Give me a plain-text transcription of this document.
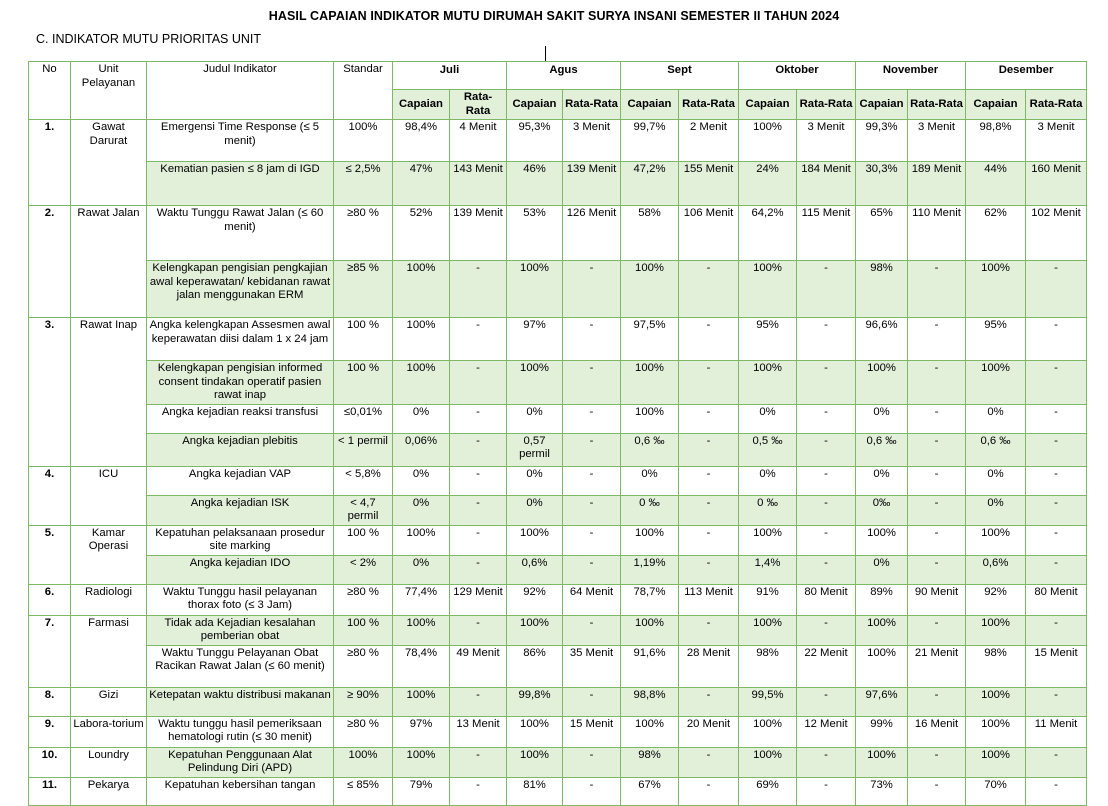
HASIL CAPAIAN INDIKATOR MUTU DIRUMAH SAKIT SURYA INSANI SEMESTER II TAHUN 2024
C. INDIKATOR MUTU PRIORITAS UNIT
No	Unit Pelayanan	Judul Indikator	Standar	Juli		Agus		Sept		Oktober		November		Desember	
				Capaian	Rata-Rata	Capaian	Rata-Rata	Capaian	Rata-Rata	Capaian	Rata-Rata	Capaian	Rata-Rata	Capaian	Rata-Rata
1.	Gawat Darurat	Emergensi Time Response (≤ 5 menit)	100%	98,4%	4 Menit	95,3%	3 Menit	99,7%	2 Menit	100%	3 Menit	99,3%	3 Menit	98,8%	3 Menit
		Kematian pasien ≤ 8 jam di IGD	≤ 2,5%	47%	143 Menit	46%	139 Menit	47,2%	155 Menit	24%	184 Menit	30,3%	189 Menit	44%	160 Menit
2.	Rawat Jalan	Waktu Tunggu Rawat Jalan (≤ 60 menit)	≥80 %	52%	139 Menit	53%	126 Menit	58%	106 Menit	64,2%	115 Menit	65%	110 Menit	62%	102 Menit
		Kelengkapan pengisian pengkajian awal keperawatan/ kebidanan rawat jalan menggunakan ERM	≥85 %	100%	-	100%	-	100%	-	100%	-	98%	-	100%	-
3.	Rawat Inap	Angka kelengkapan Assesmen awal keperawatan diisi dalam 1 x 24 jam	100 %	100%	-	97%	-	97,5%	-	95%	-	96,6%	-	95%	-
		Kelengkapan pengisian informed consent tindakan operatif pasien rawat inap	100 %	100%	-	100%	-	100%	-	100%	-	100%	-	100%	-
		Angka kejadian reaksi transfusi	≤0,01%	0%	-	0%	-	100%	-	0%	-	0%	-	0%	-
		Angka kejadian plebitis	< 1 permil	0,06%	-	0,57 permil	-	0,6 ‰	-	0,5 ‰	-	0,6 ‰	-	0,6 ‰	-
4.	ICU	Angka kejadian VAP	< 5,8%	0%	-	0%	-	0%	-	0%	-	0%	-	0%	-
		Angka kejadian ISK	< 4,7 permil	0%	-	0%	-	0 ‰	-	0 ‰	-	0‰	-	0%	-
5.	Kamar Operasi	Kepatuhan pelaksanaan prosedur site marking	100 %	100%	-	100%	-	100%	-	100%	-	100%	-	100%	-
		Angka kejadian IDO	< 2%	0%	-	0,6%	-	1,19%	-	1,4%	-	0%	-	0,6%	-
6.	Radiologi	Waktu Tunggu hasil pelayanan thorax foto (≤ 3 Jam)	≥80 %	77,4%	129 Menit	92%	64 Menit	78,7%	113 Menit	91%	80 Menit	89%	90 Menit	92%	80 Menit
7.	Farmasi	Tidak ada Kejadian kesalahan pemberian obat	100 %	100%	-	100%	-	100%	-	100%	-	100%	-	100%	-
		Waktu Tunggu Pelayanan Obat Racikan Rawat Jalan (≤ 60 menit)	≥80 %	78,4%	49 Menit	86%	35 Menit	91,6%	28 Menit	98%	22 Menit	100%	21 Menit	98%	15 Menit
8.	Gizi	Ketepatan waktu distribusi makanan	≥ 90%	100%	-	99,8%	-	98,8%	-	99,5%	-	97,6%	-	100%	-
9.	Labora-torium	Waktu tunggu hasil pemeriksaan hematologi rutin (≤ 30 menit)	≥80 %	97%	13 Menit	100%	15 Menit	100%	20 Menit	100%	12 Menit	99%	16 Menit	100%	11 Menit
10.	Loundry	Kepatuhan Penggunaan Alat Pelindung Diri (APD)	100%	100%	-	100%	-	98%	-	100%	-	100%	-	100%	-
11.	Pekarya	Kepatuhan kebersihan tangan	≤ 85%	79%	-	81%	-	67%	-	69%	-	73%	-	70%	-
